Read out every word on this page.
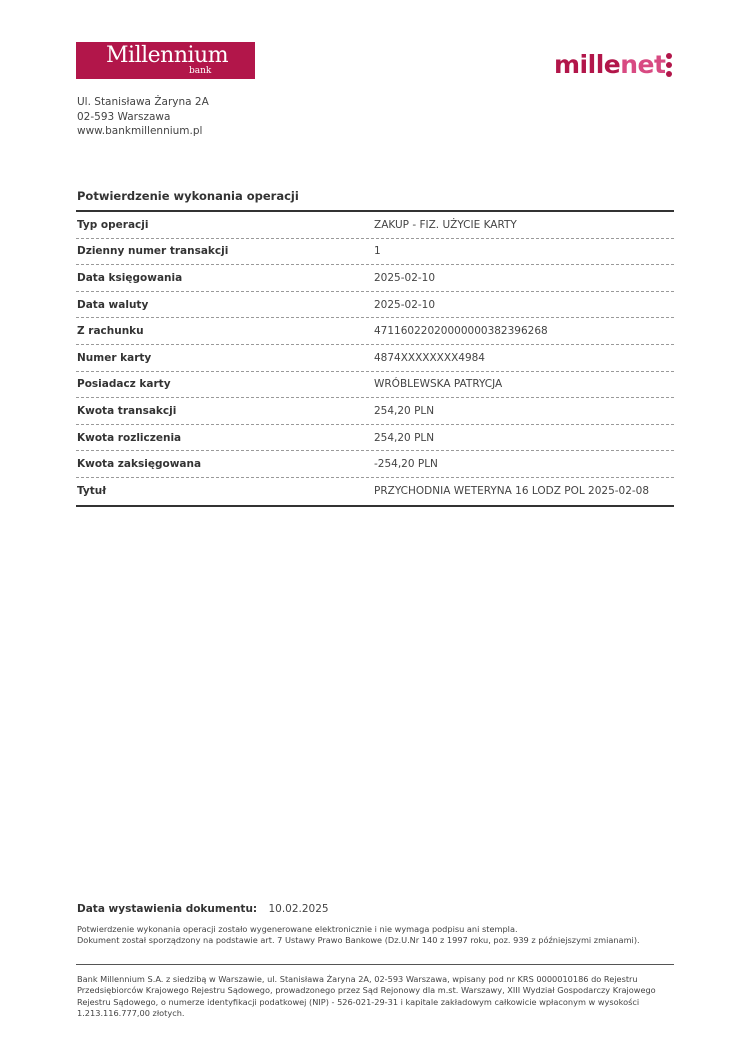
Millennium
bank	millenet
Ul. Stanisława Żaryna 2A
02-593 Warszawa
www.bankmillennium.pl
Potwierdzenie wykonania operacji
Typ operacji	ZAKUP - FIZ. UŻYCIE KARTY
Dzienny numer transakcji	1
Data księgowania	2025-02-10
Data waluty	2025-02-10
Z rachunku	47116022020000000382396268
Numer karty	4874XXXXXXXX4984
Posiadacz karty	WRÓBLEWSKA PATRYCJA
Kwota transakcji	254,20 PLN
Kwota rozliczenia	254,20 PLN
Kwota zaksięgowana	-254,20 PLN
Tytuł	PRZYCHODNIA WETERYNA 16 LODZ POL 2025-02-08
Data wystawienia dokumentu: 10.02.2025
Potwierdzenie wykonania operacji zostało wygenerowane elektronicznie i nie wymaga podpisu ani stempla.
Dokument został sporządzony na podstawie art. 7 Ustawy Prawo Bankowe (Dz.U.Nr 140 z 1997 roku, poz. 939 z późniejszymi zmianami).
Bank Millennium S.A. z siedzibą w Warszawie, ul. Stanisława Żaryna 2A, 02-593 Warszawa, wpisany pod nr KRS 0000010186 do Rejestru Przedsiębiorców Krajowego Rejestru Sądowego, prowadzonego przez Sąd Rejonowy dla m.st. Warszawy, XIII Wydział Gospodarczy Krajowego Rejestru Sądowego, o numerze identyfikacji podatkowej (NIP) - 526-021-29-31 i kapitale zakładowym całkowicie wpłaconym w wysokości 1.213.116.777,00 złotych.
